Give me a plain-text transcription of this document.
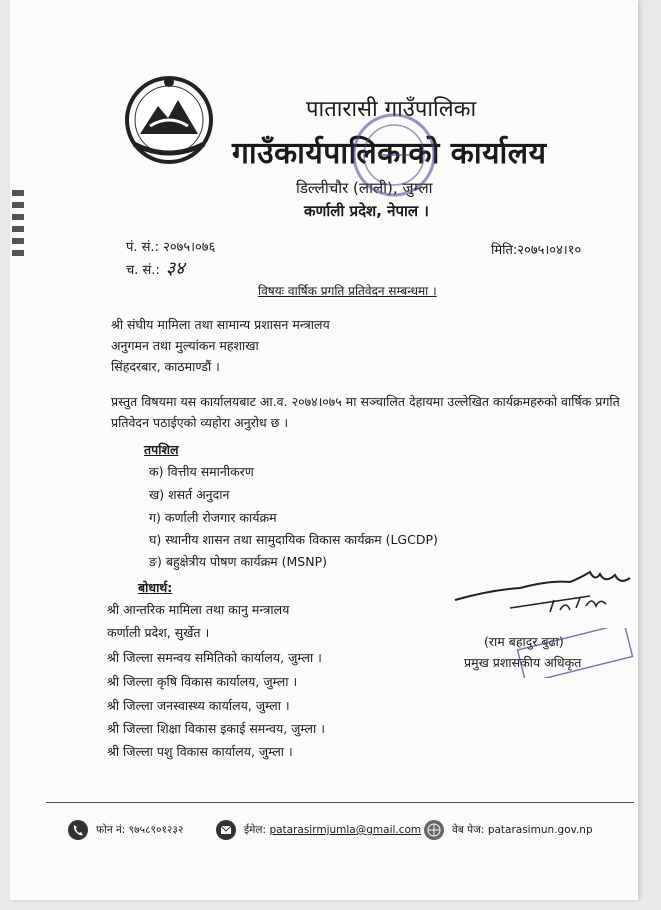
पातारासी गाउँपालिका
गाउँकार्यपालिकाको कार्यालय
डिल्लीचौर (लाली), जुम्ला
कर्णाली प्रदेश, नेपाल ।
पं. सं.: २०७५।०७६
च. सं.: ३४
मिति:२०७५।०४।१०
विषयः वार्षिक प्रगति प्रतिवेदन सम्बन्धमा ।
श्री संघीय मामिला तथा सामान्य प्रशासन मन्त्रालय
अनुगमन तथा मुल्यांकन महशाखा
सिंहदरबार, काठमाण्डौं ।
प्रस्तुत विषयमा यस कार्यालयबाट आ.व. २०७४।०७५ मा सञ्चालित देहायमा उल्लेखित कार्यक्रमहरुको वार्षिक प्रगति प्रतिवेदन पठाईएको व्यहोरा अनुरोध छ ।
तपशिल
क) वित्तीय समानीकरण
ख) शसर्त अनुदान
ग) कर्णाली रोजगार कार्यक्रम
घ) स्थानीय शासन तथा सामुदायिक विकास कार्यक्रम (LGCDP)
ङ) बहुक्षेत्रीय पोषण कार्यक्रम (MSNP)
बोधार्थ:
श्री आन्तरिक मामिला तथा कानु मन्त्रालय
कर्णाली प्रदेश, सुर्खेत ।
श्री जिल्ला समन्वय समितिको कार्यालय, जुम्ला ।
श्री जिल्ला कृषि विकास कार्यालय, जुम्ला ।
श्री जिल्ला जनस्वास्थ्य कार्यालय, जुम्ला ।
श्री जिल्ला शिक्षा विकास इकाई समन्वय, जुम्ला ।
श्री जिल्ला पशु विकास कार्यालय, जुम्ला ।
(राम बहादुर बुढा)
प्रमुख प्रशासकीय अधिकृत
फोन नं: ९७५८९०१२३२	ईमेल:
patarasirmjumla@gmail.com	वेब पेज:
patarasimun.gov.np
